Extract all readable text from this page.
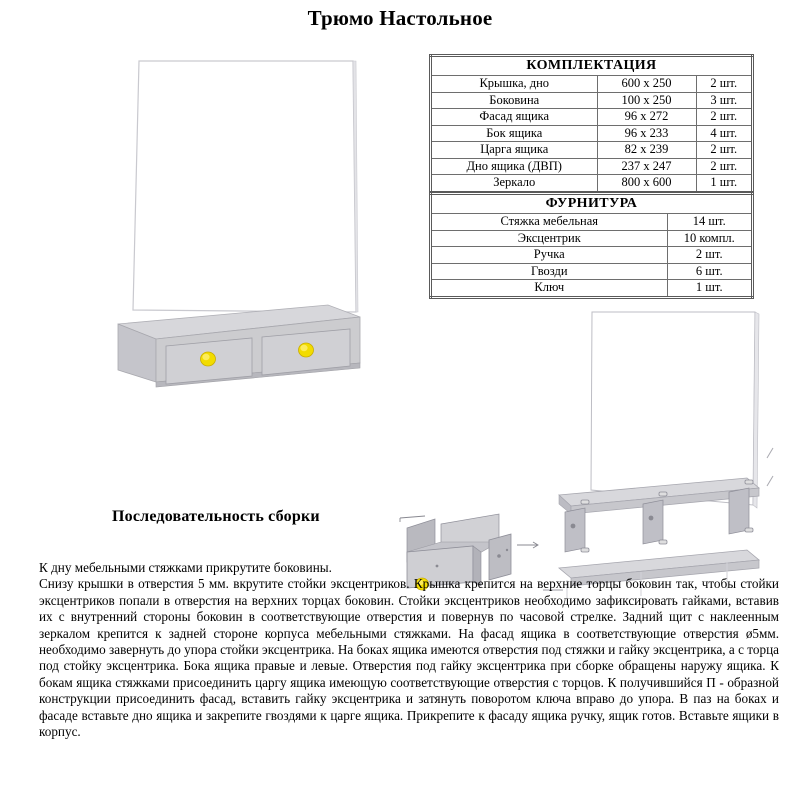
Трюмо Настольное
КОМПЛЕКТАЦИЯ		
Крышка, дно	600 x 250	2 шт.
Боковина	100 x 250	3 шт.
Фасад ящика	96 x 272	2 шт.
Бок ящика	96 x 233	4 шт.
Царга ящика	82 x 239	2 шт.
Дно ящика (ДВП)	237 x 247	2 шт.
Зеркало	800 x 600	1 шт.
ФУРНИТУРА	
Стяжка мебельная	14 шт.
Эксцентрик	10 компл.
Ручка	2 шт.
Гвозди	6 шт.
Ключ	1 шт.
Последовательность сборки

К дну мебельными стяжками прикрутите боковины.

Снизу крышки в отверстия 5 мм. вкрутите стойки эксцентриков. Крышка крепится на верхние торцы боковин так, чтобы стойки эксцентриков попали в отверстия на верхних торцах боковин. Стойки эксцентриков необходимо зафиксировать гайками, вставив их с внутренний стороны боковин в соответствующие отверстия и повернув по часовой стрелке. Задний щит с наклеенным зеркалом крепится к задней стороне корпуса мебельными стяжками. На фасад ящика в соответствующие отверстия ø5мм. необходимо завернуть до упора стойки эксцентрика. На боках ящика имеются отверстия под стяжки и гайку эксцентрика, а с торца под стойку эксцентрика. Бока ящика правые и левые. Отверстия под гайку эксцентрика при сборке обращены наружу ящика. К бокам ящика стяжками присоединить царгу ящика имеющую соответствующие отверстия с торцов. К получившийся П - образной конструкции присоединить фасад, вставить гайку эксцентрика и затянуть поворотом ключа вправо до упора. В паз на боках и фасаде вставьте дно ящика и закрепите гвоздями к царге ящика. Прикрепите к фасаду ящика ручку, ящик готов. Вставьте ящики в корпус.
